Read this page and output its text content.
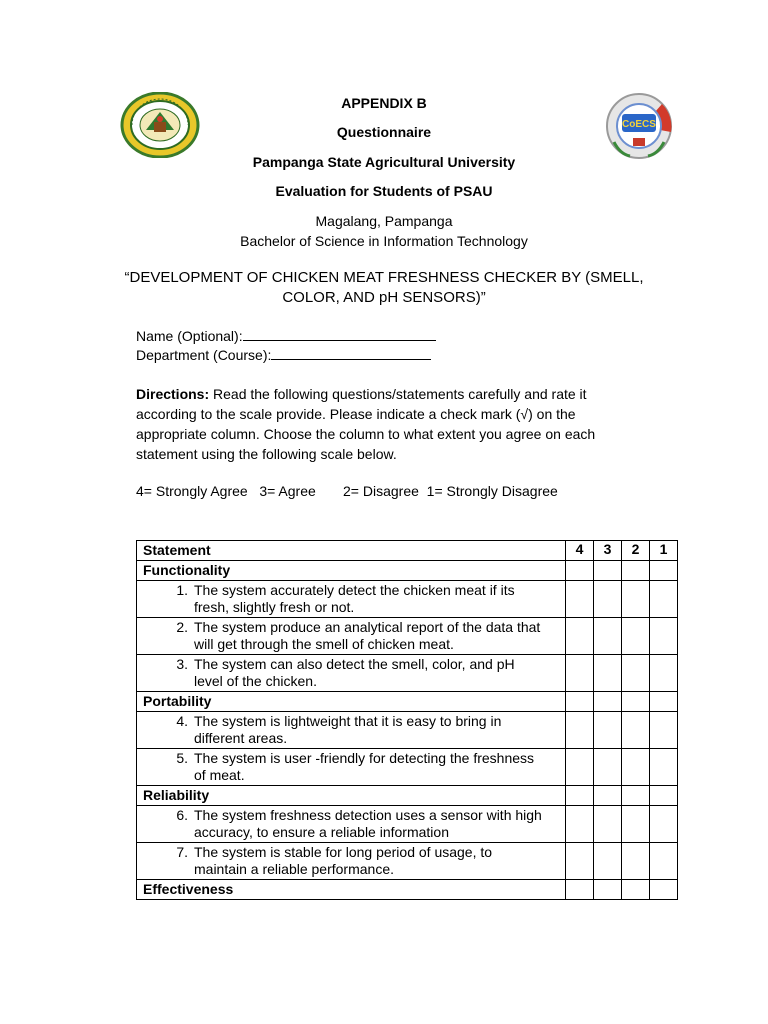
CoECS
APPENDIX B
Questionnaire
Pampanga State Agricultural University
Evaluation for Students of PSAU
Magalang, Pampanga
Bachelor of Science in Information Technology
“DEVELOPMENT OF CHICKEN MEAT FRESHNESS CHECKER BY (SMELL,
COLOR, AND pH SENSORS)”
Name (Optional):
Department (Course):
Directions: Read the following questions/statements carefully and rate it according to the scale provide. Please indicate a check mark (√) on the appropriate column. Choose the column to what extent you agree on each statement using the following scale below.
4= Strongly Agree   3= Agree       2= Disagree  1= Strongly Disagree
Statement	4	3	2	1
Functionality				

1. The system accurately detect the chicken meat if its fresh, slightly fresh or not.				

2. The system produce an analytical report of the data that will get through the smell of chicken meat.				

3. The system can also detect the smell, color, and pH level of the chicken.				

Portability				

4. The system is lightweight that it is easy to bring in different areas.				

5. The system is user -friendly for detecting the freshness of meat.				

Reliability				

6. The system freshness detection uses a sensor with high accuracy, to ensure a reliable information				

7. The system is stable for long period of usage, to maintain a reliable performance.				

Effectiveness				
